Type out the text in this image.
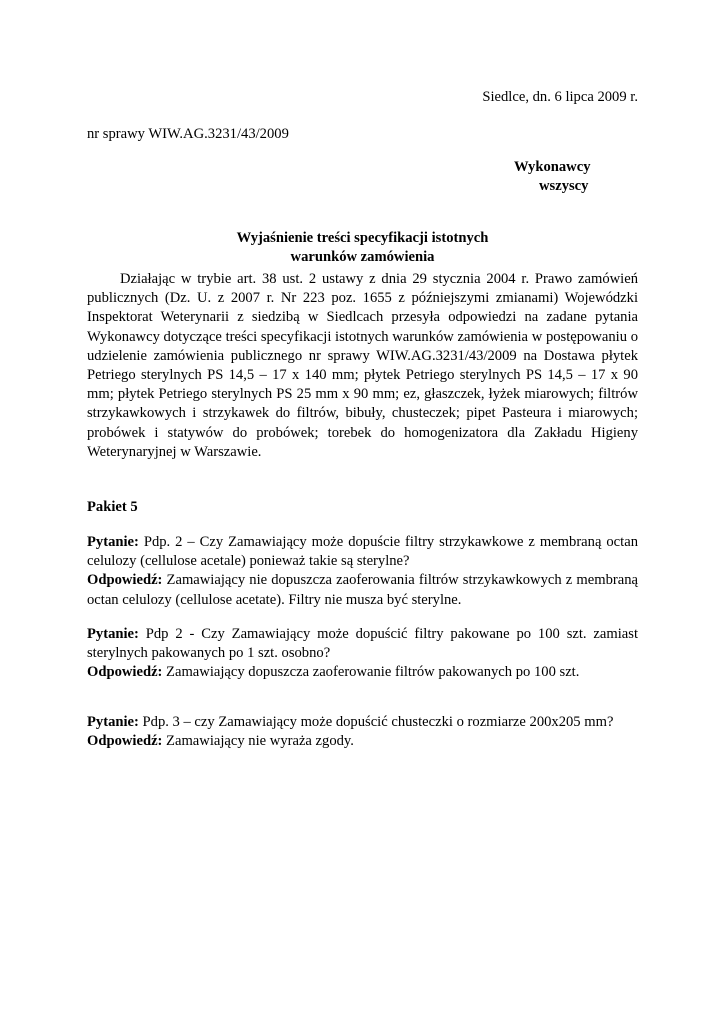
Siedlce, dn. 6 lipca 2009 r.
nr sprawy WIW.AG.3231/43/2009
Wykonawcy
wszyscy
Wyjaśnienie treści specyfikacji istotnych
warunków zamówienia

Działając w trybie art. 38 ust. 2 ustawy z dnia 29 stycznia 2004 r. Prawo zamówień publicznych (Dz. U. z 2007 r. Nr 223 poz. 1655 z późniejszymi zmianami) Wojewódzki Inspektorat Weterynarii z siedzibą w Siedlcach przesyła odpowiedzi na zadane pytania Wykonawcy dotyczące treści specyfikacji istotnych warunków zamówienia w postępowaniu o udzielenie zamówienia publicznego nr sprawy WIW.AG.3231/43/2009 na Dostawa płytek Petriego sterylnych PS 14,5 – 17 x 140 mm; płytek Petriego sterylnych PS 14,5 – 17 x 90 mm; płytek Petriego sterylnych PS 25 mm x 90 mm; ez, głaszczek, łyżek miarowych; filtrów strzykawkowych i strzykawek do filtrów, bibuły, chusteczek; pipet Pasteura i miarowych; probówek i statywów do probówek; torebek do homogenizatora dla Zakładu Higieny Weterynaryjnej w Warszawie.

Pakiet 5

Pytanie: Pdp. 2 – Czy Zamawiający może dopuście filtry strzykawkowe z membraną octan celulozy (cellulose acetale) ponieważ takie są sterylne?

Odpowiedź: Zamawiający nie dopuszcza zaoferowania filtrów strzykawkowych z membraną octan celulozy (cellulose acetate). Filtry nie musza być sterylne.

Pytanie: Pdp 2 - Czy Zamawiający może dopuścić filtry pakowane po 100 szt. zamiast sterylnych pakowanych po 1 szt. osobno?

Odpowiedź: Zamawiający dopuszcza zaoferowanie filtrów pakowanych po 100 szt.

Pytanie: Pdp. 3 – czy Zamawiający może dopuścić chusteczki o rozmiarze 200x205 mm?

Odpowiedź: Zamawiający nie wyraża zgody.
